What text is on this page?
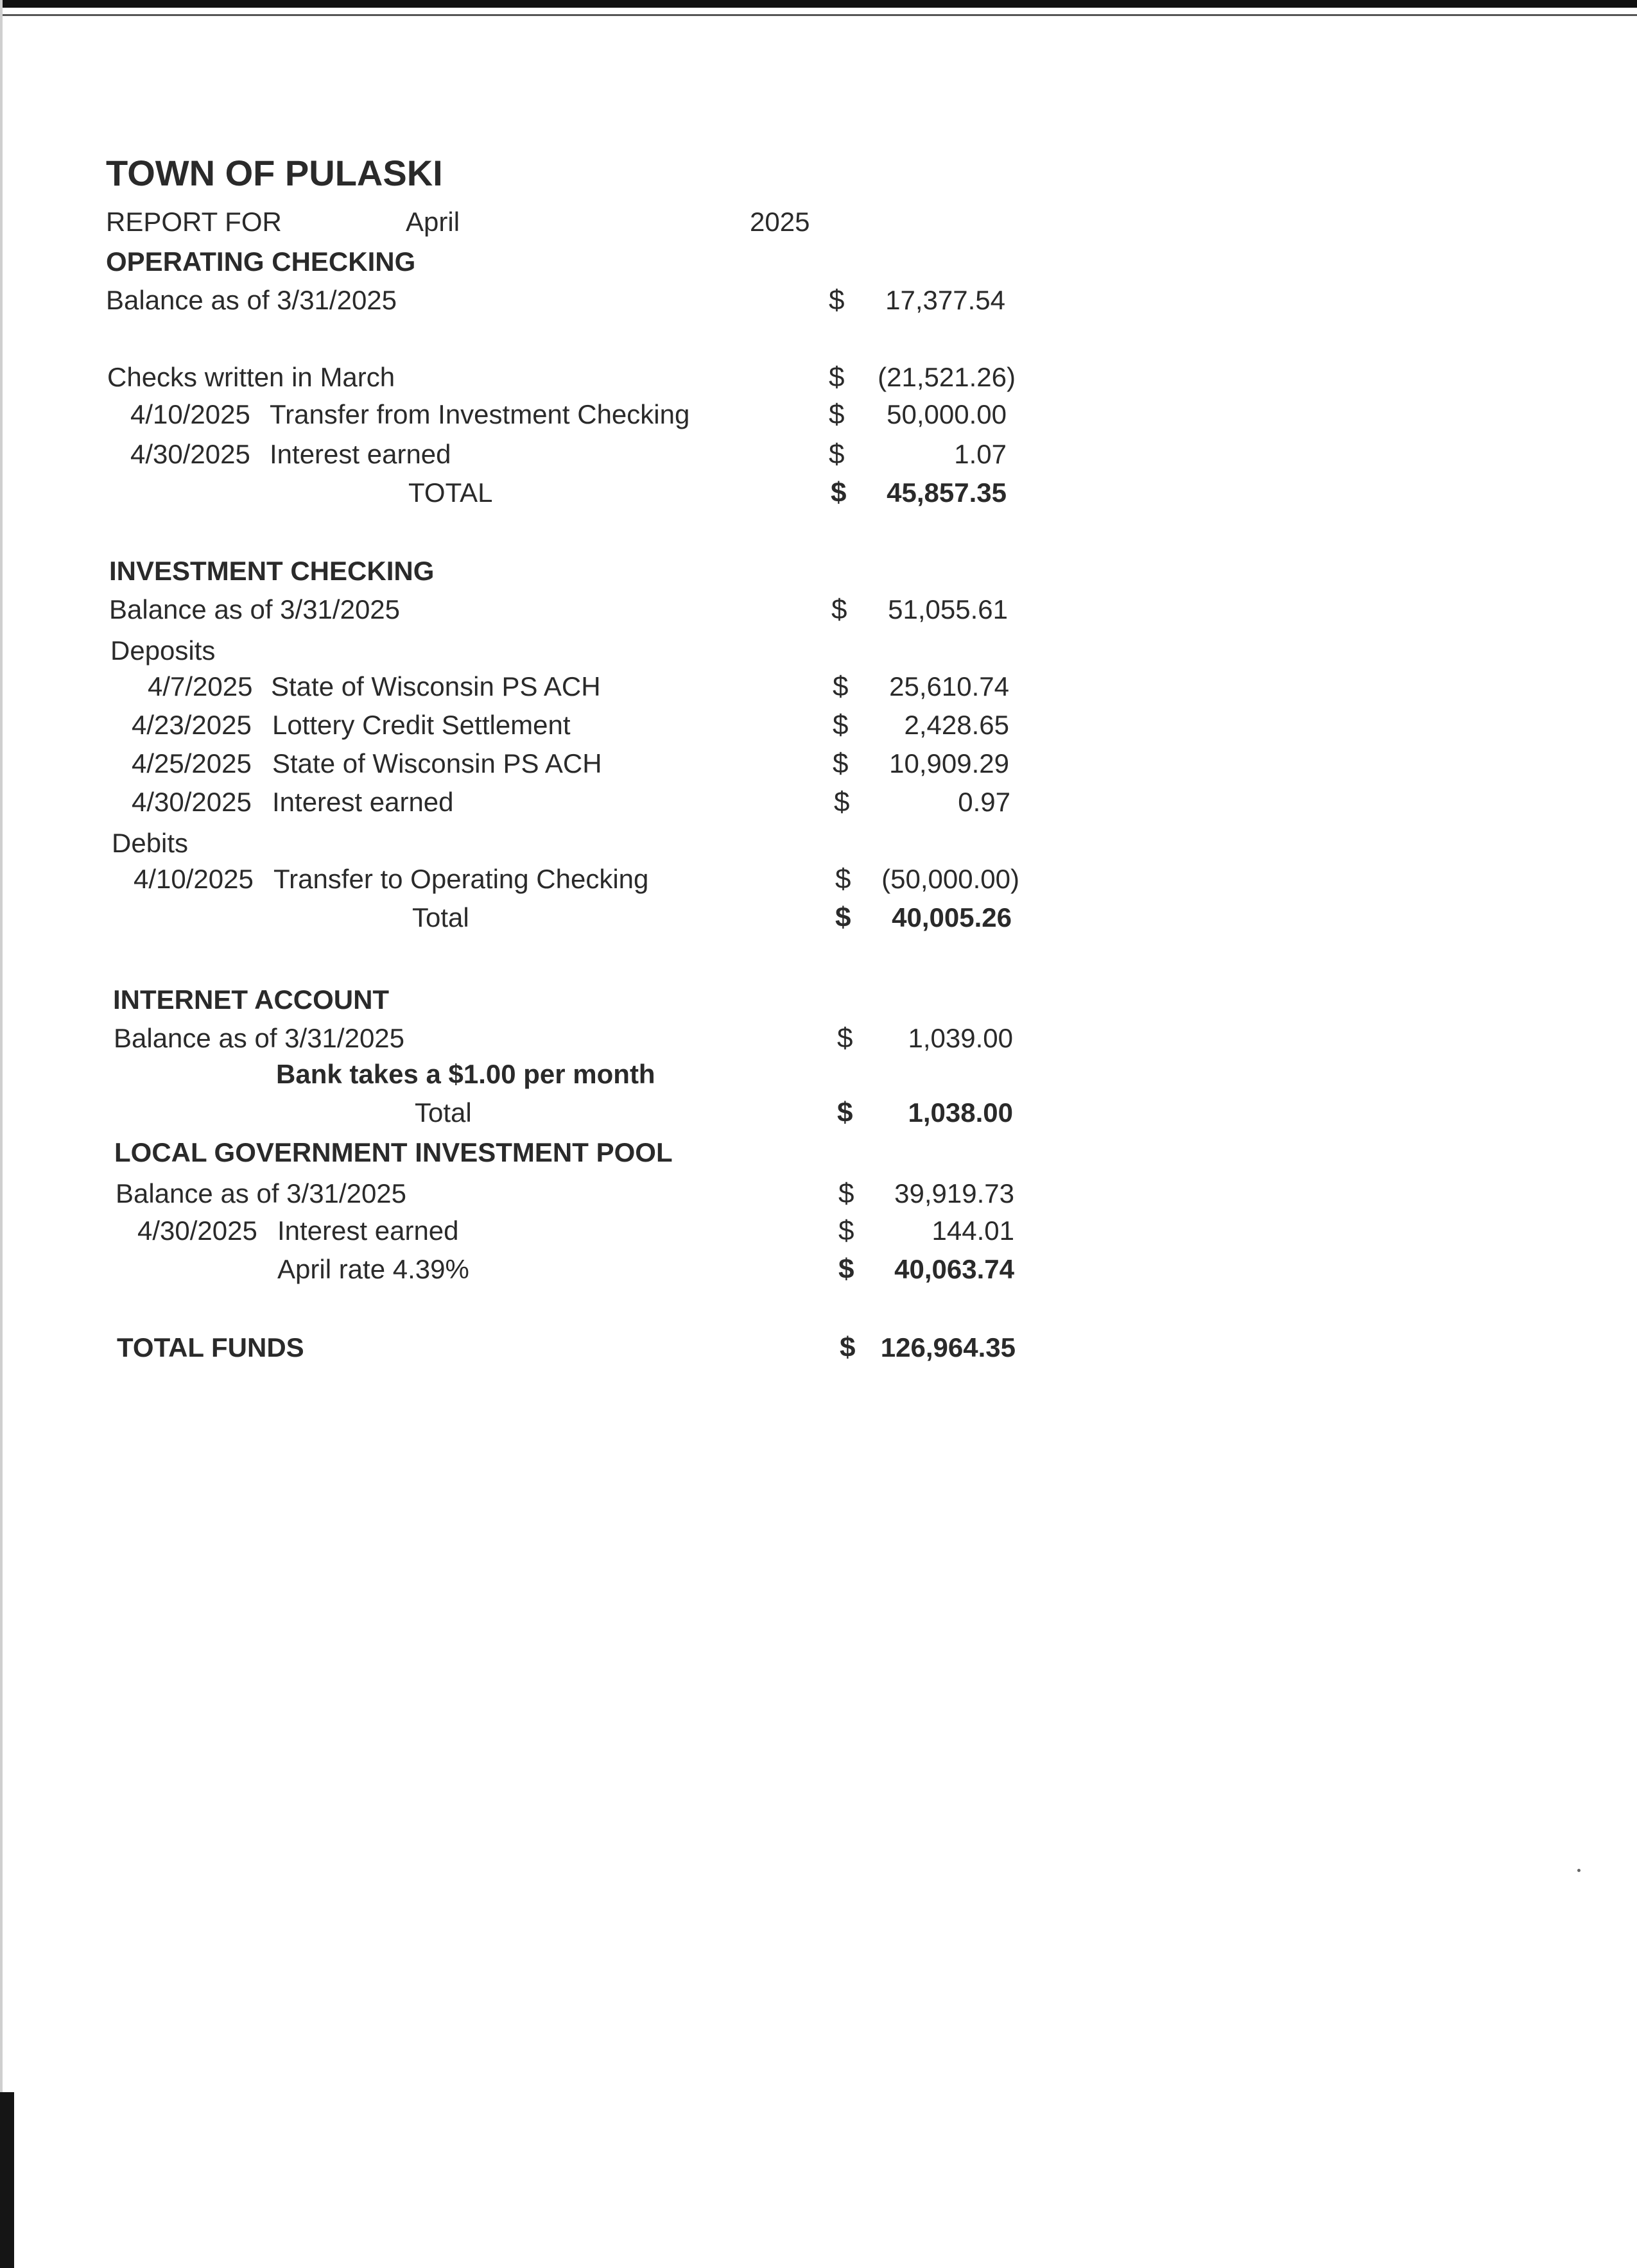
TOWN OF PULASKI
REPORT FOR	April	2025
OPERATING CHECKING
Balance as of 3/31/2025	$	17,377.54
Checks written in March	$	(21,521.26)
4/10/2025 Transfer from Investment Checking	$	50,000.00
4/30/2025 Interest earned	$	1.07
TOTAL	$	45,857.35
INVESTMENT CHECKING
Balance as of 3/31/2025	$	51,055.61
Deposits
4/7/2025 State of Wisconsin PS ACH	$	25,610.74
4/23/2025 Lottery Credit Settlement	$	2,428.65
4/25/2025 State of Wisconsin PS ACH	$	10,909.29
4/30/2025 Interest earned	$	0.97
Debits
4/10/2025 Transfer to Operating Checking	$	(50,000.00)
Total	$	40,005.26
INTERNET ACCOUNT
Balance as of 3/31/2025	$	1,039.00
Bank takes a $1.00 per month
Total	$	1,038.00
LOCAL GOVERNMENT INVESTMENT POOL
Balance as of 3/31/2025	$	39,919.73
4/30/2025 Interest earned	$	144.01
April rate 4.39%	$	40,063.74
TOTAL FUNDS	$ 126,964.35
